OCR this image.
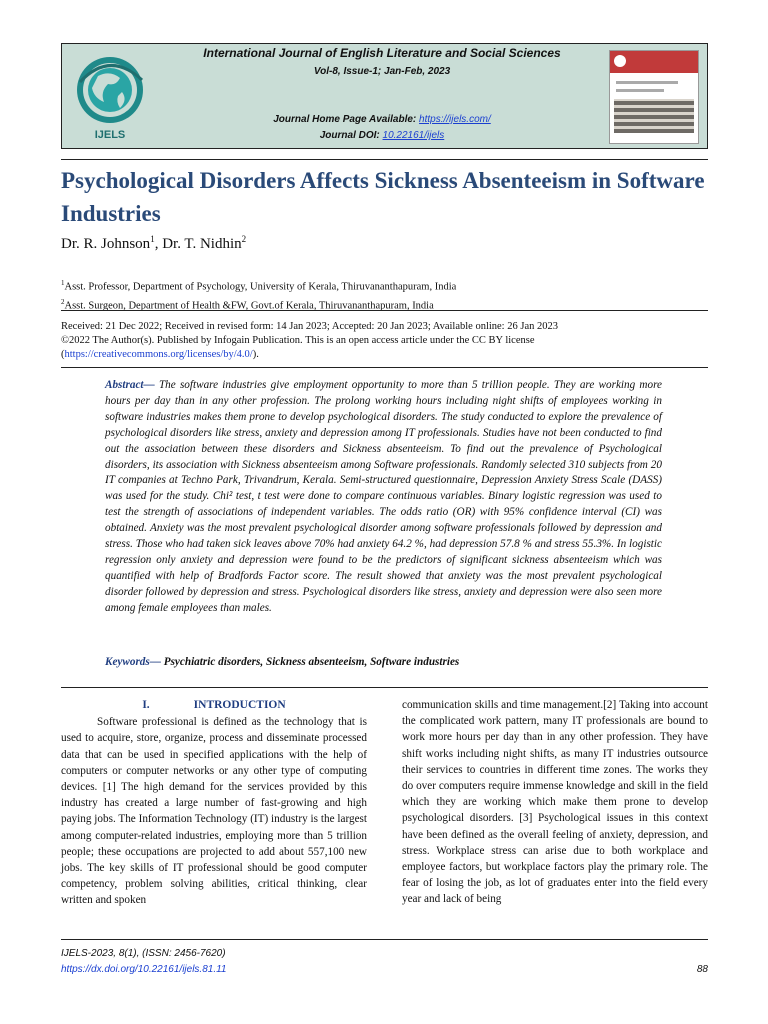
IJELS
International Journal of English Literature and Social Sciences
Vol-8, Issue-1; Jan-Feb, 2023
Journal Home Page Available: https://ijels.com/
Journal DOI: 10.22161/ijels
Psychological Disorders Affects Sickness Absenteeism in Software Industries
Dr. R. Johnson$^1$, Dr. T. Nidhin$^2$
$^1$Asst. Professor, Department of Psychology, University of Kerala, Thiruvananthapuram, India
$^2$Asst. Surgeon, Department of Health &FW, Govt.of Kerala, Thiruvananthapuram, India
Received: 21 Dec 2022; Received in revised form: 14 Jan 2023; Accepted: 20 Jan 2023; Available online: 26 Jan 2023
©2022 The Author(s). Published by Infogain Publication. This is an open access article under the CC BY license
(https://creativecommons.org/licenses/by/4.0/).
Abstract— The software industries give employment opportunity to more than 5 trillion people. They are working more hours per day than in any other profession. The prolong working hours including night shifts of employees working in software industries makes them prone to develop psychological disorders. The study conducted to explore the prevalence of psychological disorders like stress, anxiety and depression among IT professionals. Studies have not been conducted to find out the association between these disorders and Sickness absenteeism. To find out the prevalence of Psychological disorders, its association with Sickness absenteeism among Software professionals. Randomly selected 310 subjects from 20 IT companies at Techno Park, Trivandrum, Kerala. Semi-structured questionnaire, Depression Anxiety Stress Scale (DASS) was used for the study. Chi² test, t test were done to compare continuous variables. Binary logistic regression was used to test the strength of associations of independent variables. The odds ratio (OR) with 95% confidence interval (CI) was obtained. Anxiety was the most prevalent psychological disorder among software professionals followed by depression and stress. Those who had taken sick leaves above 70% had anxiety 64.2 %, had depression 57.8 % and stress 55.3%. In logistic regression only anxiety and depression were found to be the predictors of significant sickness absenteeism which was quantified with help of Bradfords Factor score. The result showed that anxiety was the most prevalent psychological disorder followed by depression and stress. Psychological disorders like stress, anxiety and depression were also seen more among female employees than males.
Keywords— Psychiatric disorders, Sickness absenteeism, Software industries
I.	INTRODUCTION
Software professional is defined as the technology that is used to acquire, store, organize, process and disseminate processed data that can be used in specified applications with the help of computers or computer networks or any other type of computing devices. [1] The high demand for the services provided by this industry has created a large number of fast-growing and high paying jobs. The Information Technology (IT) industry is the largest among computer-related industries, employing more than 5 trillion people; these occupations are projected to add about 557,100 new jobs. The key skills of IT professional should be good computer competency, problem solving abilities, critical thinking, clear written and spoken
communication skills and time management.[2] Taking into account the complicated work pattern, many IT professionals are bound to work more hours per day than in any other profession. They have shift works including night shifts, as many IT industries outsource their services to countries in different time zones. The works they do over computers require immense knowledge and skill in the field which they are working which make them prone to develop psychological disorders. [3] Psychological issues in this context have been defined as the overall feeling of anxiety, depression, and stress. Workplace stress can arise due to both workplace and employee factors, but workplace factors play the primary role. The fear of losing the job, as lot of graduates enter into the field every year and lack of being
IJELS-2023, 8(1), (ISSN: 2456-7620)
https://dx.doi.org/10.22161/ijels.81.11	88
